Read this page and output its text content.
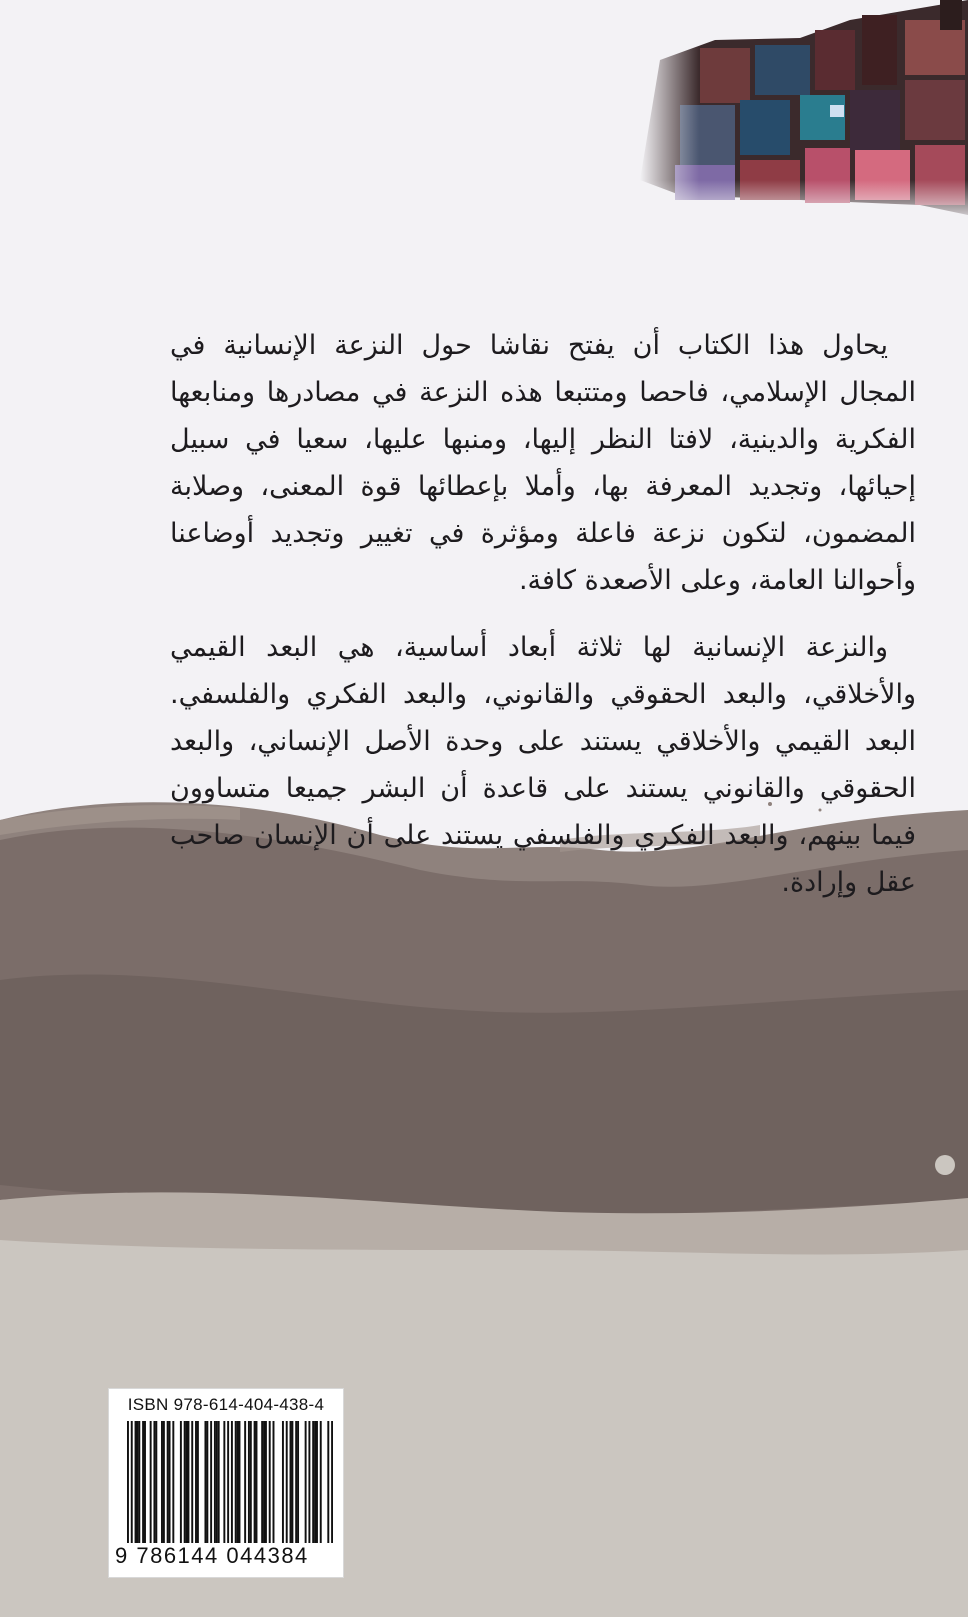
يحاول هذا الكتاب أن يفتح نقاشا حول النزعة الإنسانية في المجال الإسلامي، فاحصا ومتتبعا هذه النزعة في مصادرها ومنابعها الفكرية والدينية، لافتا النظر إليها، ومنبها عليها، سعيا في سبيل إحيائها، وتجديد المعرفة بها، وأملا بإعطائها قوة المعنى، وصلابة المضمون، لتكون نزعة فاعلة ومؤثرة في تغيير وتجديد أوضاعنا وأحوالنا العامة، وعلى الأصعدة كافة.

والنزعة الإنسانية لها ثلاثة أبعاد أساسية، هي البعد القيمي والأخلاقي، والبعد الحقوقي والقانوني، والبعد الفكري والفلسفي. البعد القيمي والأخلاقي يستند على وحدة الأصل الإنساني، والبعد الحقوقي والقانوني يستند على قاعدة أن البشر جميعا متساوون فيما بينهم، والبعد الفكري والفلسفي يستند على أن الإنسان صاحب عقل وإرادة.

ISBN 978-614-404-438-4
9 786144 044384
